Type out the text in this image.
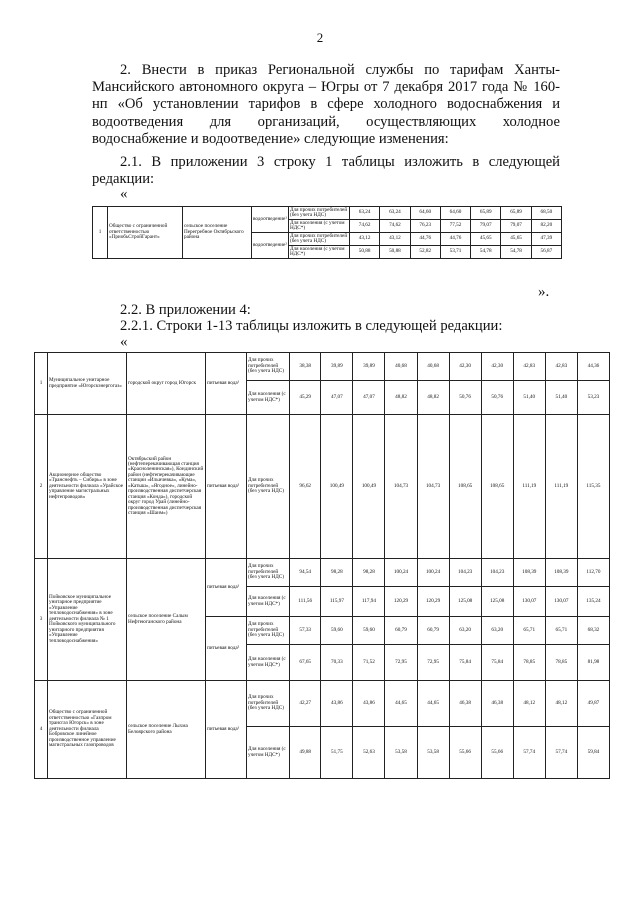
2
2. Внести в приказ Региональной службы по тарифам Ханты-Мансийского автономного округа – Югры от 7 декабря 2017 года № 160-нп «Об установлении тарифов в сфере холодного водоснабжения и водоотведения для организаций, осуществляющих холодное водоснабжение и водоотведение» следующие изменения:
2.1. В приложении 3 строку 1 таблицы изложить в следующей
редакции:
«
1	Общество с ограниченной ответственностью «ПриобьСтройГарант»	сельское поселение Перегребное Октябрьского района	водоотведение¹	Для прочих потребителей (без учета НДС)	63,24	63,24	64,60	64,60	65,89	65,89	68,50
				Для населения (с учетом НДС*)	74,62	74,62	76,23	77,52	79,07	79,07	82,20
			водоотведение²	Для прочих потребителей (без учета НДС)	43,12	43,12	44,76	44,76	45,65	45,65	47,39
				Для населения (с учетом НДС*)	50,88	50,88	52,82	53,71	54,78	54,78	56,87
».
2.2. В приложении 4:
2.2.1. Строки 1-13 таблицы изложить в следующей редакции:
«
1	Муниципальное унитарное предприятие «Югорскэнергогаз»	городской округ город Югорск	питьевая вода¹	Для прочих потребителей (без учета НДС)	38,38	39,89	39,89	40,68	40,68	42,30	42,30	42,83	42,83	44,36
				Для населения (с учетом НДС*)	45,29	47,07	47,07	48,82	48,82	50,76	50,76	51,40	51,40	53,23
2	Акционерное общество «Транснефть – Сибирь» в зоне деятельности филиала «Урайское управление магистральных нефтепроводов»	Октябрьский район (нефтеперекачивающая станция «Красноленинская»), Кондинский район (нефтеперекачивающие станции «Ильичевка», «Кума», «Катыш», «Ягодное», линейно-производственная диспетчерская станция «Конда»), городской округ город Урай (линейно-производственная диспетчерская станция «Шаим»)	питьевая вода¹	Для прочих потребителей (без учета НДС)	96,62	100,49	100,49	104,73	104,73	108,65	108,65	111,19	111,19	115,35
3	Пойковское муниципальное унитарное предприятие «Управление тепловодоснабжения» в зоне деятельности филиала № 1 Пойковского муниципального унитарного предприятия «Управление тепловодоснабжения»	сельское поселение Салым Нефтеюганского района	питьевая вода¹	Для прочих потребителей (без учета НДС)	94,54	98,28	98,28	100,24	100,24	104,23	104,23	108,39	108,39	112,70
				Для населения (с учетом НДС*)	111,56	115,97	117,94	120,29	120,29	125,08	125,08	130,07	130,07	135,24
			питьевая вода²	Для прочих потребителей (без учета НДС)	57,33	59,60	59,60	60,79	60,79	63,20	63,20	65,71	65,71	68,32
				Для населения (с учетом НДС*)	67,65	70,33	71,52	72,95	72,95	75,84	75,84	78,85	78,85	81,98
4	Общество с ограниченной ответственностью «Газпром трансгаз Югорск» в зоне деятельности филиала Бобровское линейное производственное управление магистральных газопроводов	сельское поселение Лыхма Белоярского района	питьевая вода¹	Для прочих потребителей (без учета НДС)	42,27	43,86	43,86	44,65	44,65	46,38	46,38	48,12	48,12	49,87
				Для населения (с учетом НДС*)	49,88	51,75	52,63	53,58	53,58	55,66	55,66	57,74	57,74	59,84
